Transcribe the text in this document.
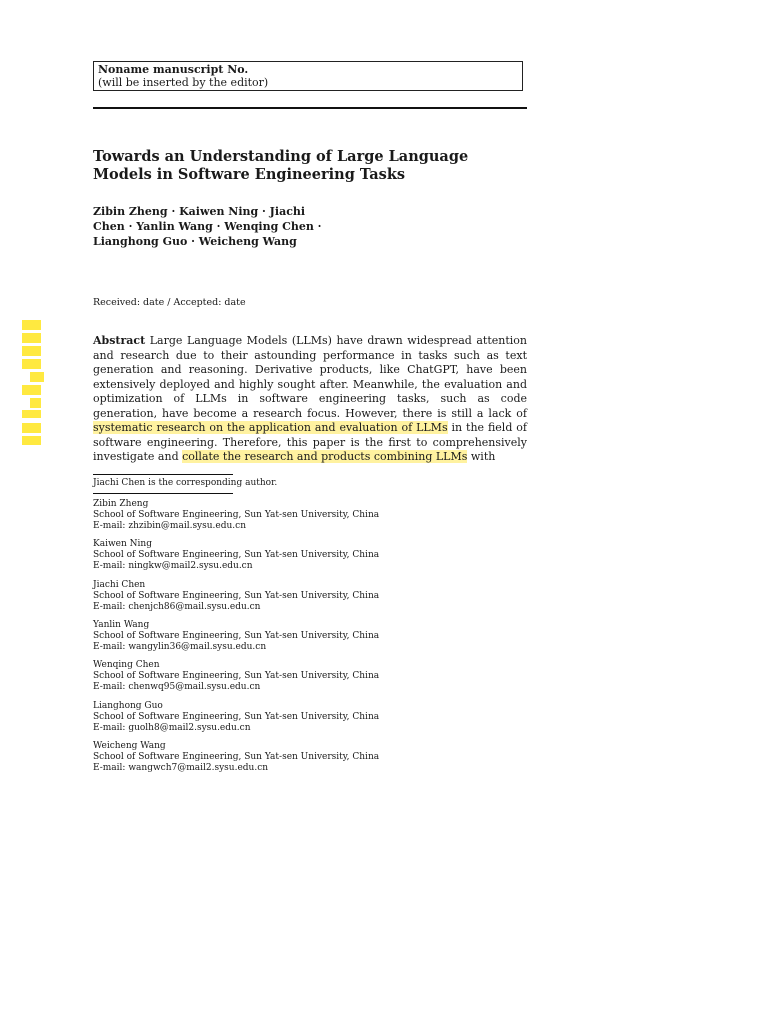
Noname manuscript No.
(will be inserted by the editor)
Towards an Understanding of Large Language Models in Software Engineering Tasks
Zibin Zheng · Kaiwen Ning · Jiachi
Chen · Yanlin Wang · Wenqing Chen ·
Lianghong Guo · Weicheng Wang
Received: date / Accepted: date

Abstract Large Language Models (LLMs) have drawn widespread attention and research due to their astounding performance in tasks such as text generation and reasoning. Derivative products, like ChatGPT, have been extensively deployed and highly sought after. Meanwhile, the evaluation and optimization of LLMs in software engineering tasks, such as code generation, have become a research focus. However, there is still a lack of systematic research on the application and evaluation of LLMs in the field of software engineering. Therefore, this paper is the first to comprehensively investigate and collate the research and products combining LLMs with

Jiachi Chen is the corresponding author.
Zibin Zheng
School of Software Engineering, Sun Yat-sen University, China
E-mail: zhzibin@mail.sysu.edu.cn
Kaiwen Ning
School of Software Engineering, Sun Yat-sen University, China
E-mail: ningkw@mail2.sysu.edu.cn
Jiachi Chen
School of Software Engineering, Sun Yat-sen University, China
E-mail: chenjch86@mail.sysu.edu.cn
Yanlin Wang
School of Software Engineering, Sun Yat-sen University, China
E-mail: wangylin36@mail.sysu.edu.cn
Wenqing Chen
School of Software Engineering, Sun Yat-sen University, China
E-mail: chenwq95@mail.sysu.edu.cn
Lianghong Guo
School of Software Engineering, Sun Yat-sen University, China
E-mail: guolh8@mail2.sysu.edu.cn
Weicheng Wang
School of Software Engineering, Sun Yat-sen University, China
E-mail: wangwch7@mail2.sysu.edu.cn
